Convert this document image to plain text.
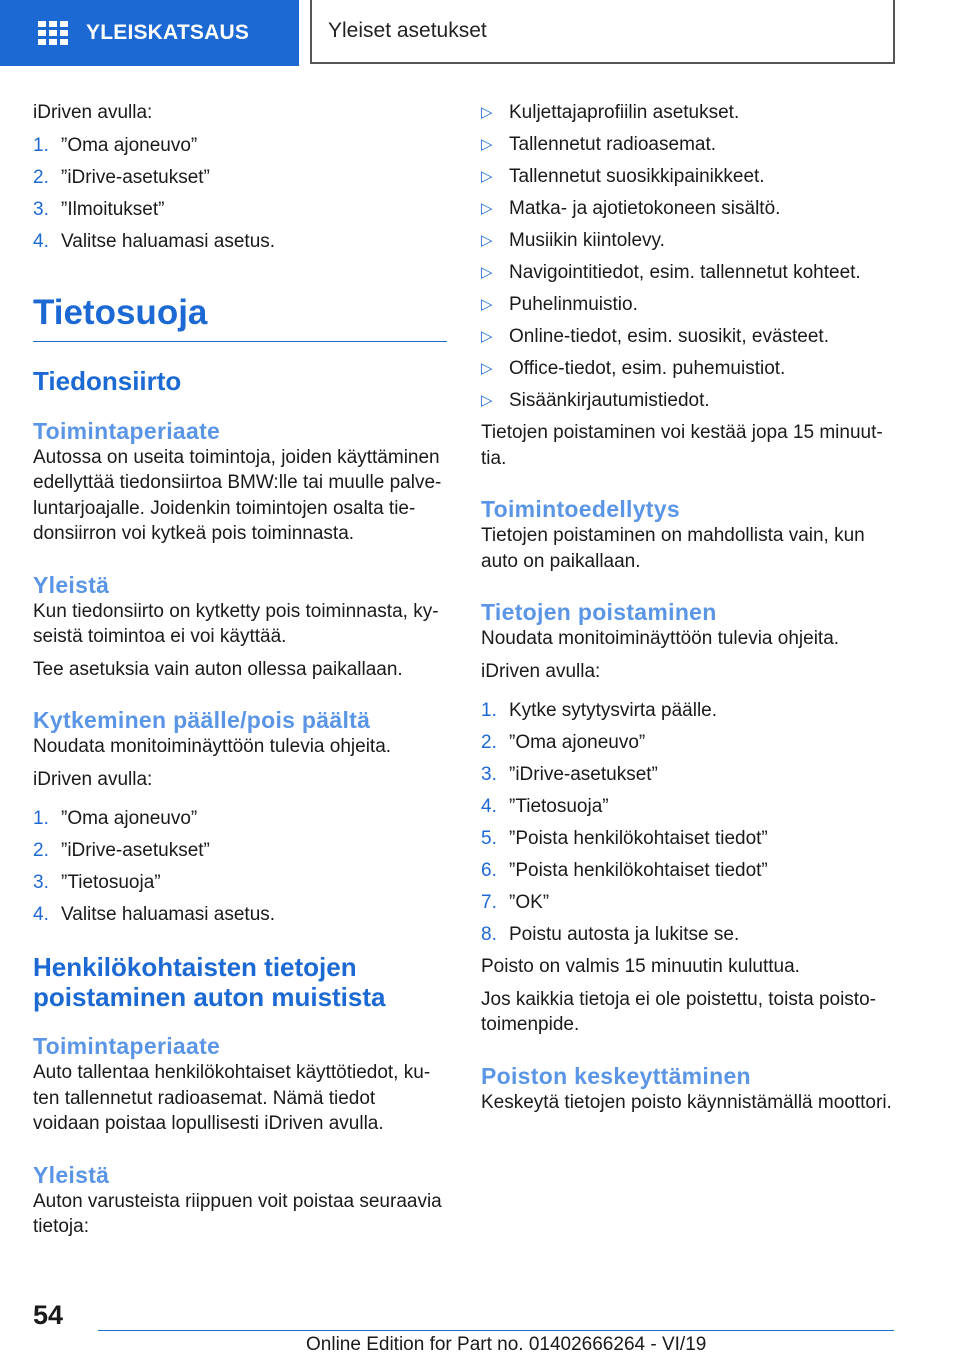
YLEISKATSAUS	Yleiset asetukset

iDriven avulla:

1. ”Oma ajoneuvo”
2. ”iDrive-asetukset”
3. ”Ilmoitukset”
4. Valitse haluamasi asetus.
Tietosuoja
Tiedonsiirto
Toimintaperiaate

Autossa on useita toimintoja, joiden käyttäminen edellyttää tiedonsiirtoa BMW:lle tai muulle palveluntarjoajalle. Joidenkin toimintojen osalta tiedonsiirron voi kytkeä pois toiminnasta.

Yleistä

Kun tiedonsiirto on kytketty pois toiminnasta, kyseistä toimintoa ei voi käyttää.

Tee asetuksia vain auton ollessa paikallaan.

Kytkeminen päälle/pois päältä

Noudata monitoiminäyttöön tulevia ohjeita.

iDriven avulla:

1. ”Oma ajoneuvo”
2. ”iDrive-asetukset”
3. ”Tietosuoja”
4. Valitse haluamasi asetus.
Henkilökohtaisten tietojen poistaminen auton muistista
Toimintaperiaate

Auto tallentaa henkilökohtaiset käyttötiedot, kuten tallennetut radioasemat. Nämä tiedot voidaan poistaa lopullisesti iDriven avulla.

Yleistä

Auton varusteista riippuen voit poistaa seuraavia tietoja:

▷ Kuljettajaprofiilin asetukset.
▷ Tallennetut radioasemat.
▷ Tallennetut suosikkipainikkeet.
▷ Matka- ja ajotietokoneen sisältö.
▷ Musiikin kiintolevy.
▷ Navigointitiedot, esim. tallennetut kohteet.
▷ Puhelinmuistio.
▷ Online-tiedot, esim. suosikit, evästeet.
▷ Office-tiedot, esim. puhemuistiot.
▷ Sisäänkirjautumistiedot.

Tietojen poistaminen voi kestää jopa 15 minuuttia.

Toimintoedellytys

Tietojen poistaminen on mahdollista vain, kun auto on paikallaan.

Tietojen poistaminen

Noudata monitoiminäyttöön tulevia ohjeita.

iDriven avulla:

1. Kytke sytytysvirta päälle.
2. ”Oma ajoneuvo”
3. ”iDrive-asetukset”
4. ”Tietosuoja”
5. ”Poista henkilökohtaiset tiedot”
6. ”Poista henkilökohtaiset tiedot”
7. ”OK”
8. Poistu autosta ja lukitse se.

Poisto on valmis 15 minuutin kuluttua.

Jos kaikkia tietoja ei ole poistettu, toista poistotoimenpide.

Poiston keskeyttäminen

Keskeytä tietojen poisto käynnistämällä moottori.

54
Online Edition for Part no. 01402666264 - VI/19
